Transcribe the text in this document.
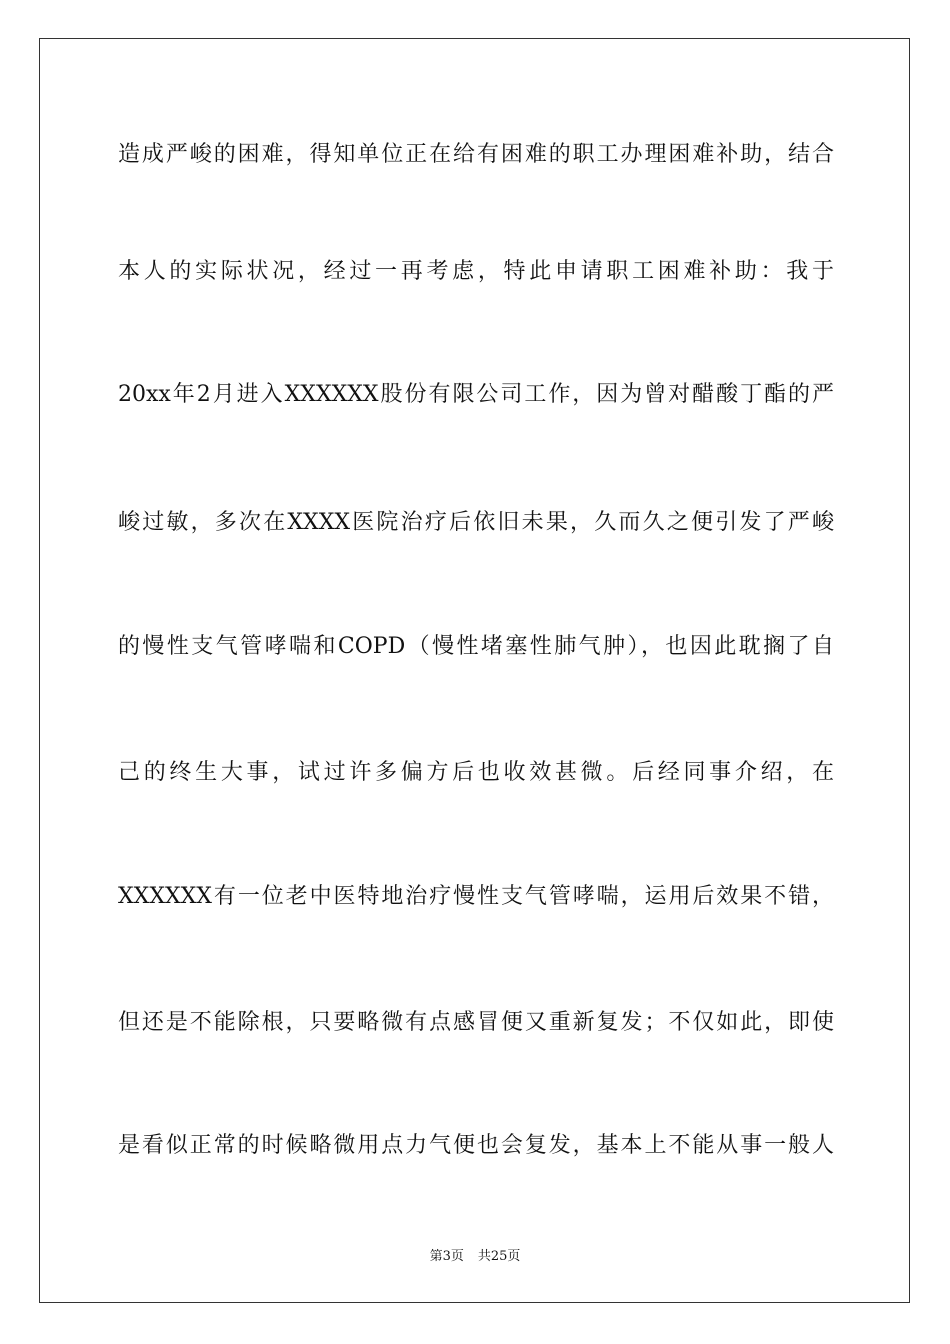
造成严峻的困难，得知单位正在给有困难的职工办理困难补助，结合
本人的实际状况，经过一再考虑，特此申请职工困难补助：我于
20xx年2月进入XXXXXX股份有限公司工作，因为曾对醋酸丁酯的严
峻过敏，多次在XXXX医院治疗后依旧未果，久而久之便引发了严峻
的慢性支气管哮喘和COPD（慢性堵塞性肺气肿），也因此耽搁了自
己的终生大事，试过许多偏方后也收效甚微。后经同事介绍，在
XXXXXX有一位老中医特地治疗慢性支气管哮喘，运用后效果不错，
但还是不能除根，只要略微有点感冒便又重新复发；不仅如此，即使
是看似正常的时候略微用点力气便也会复发，基本上不能从事一般人
第3页 共25页
